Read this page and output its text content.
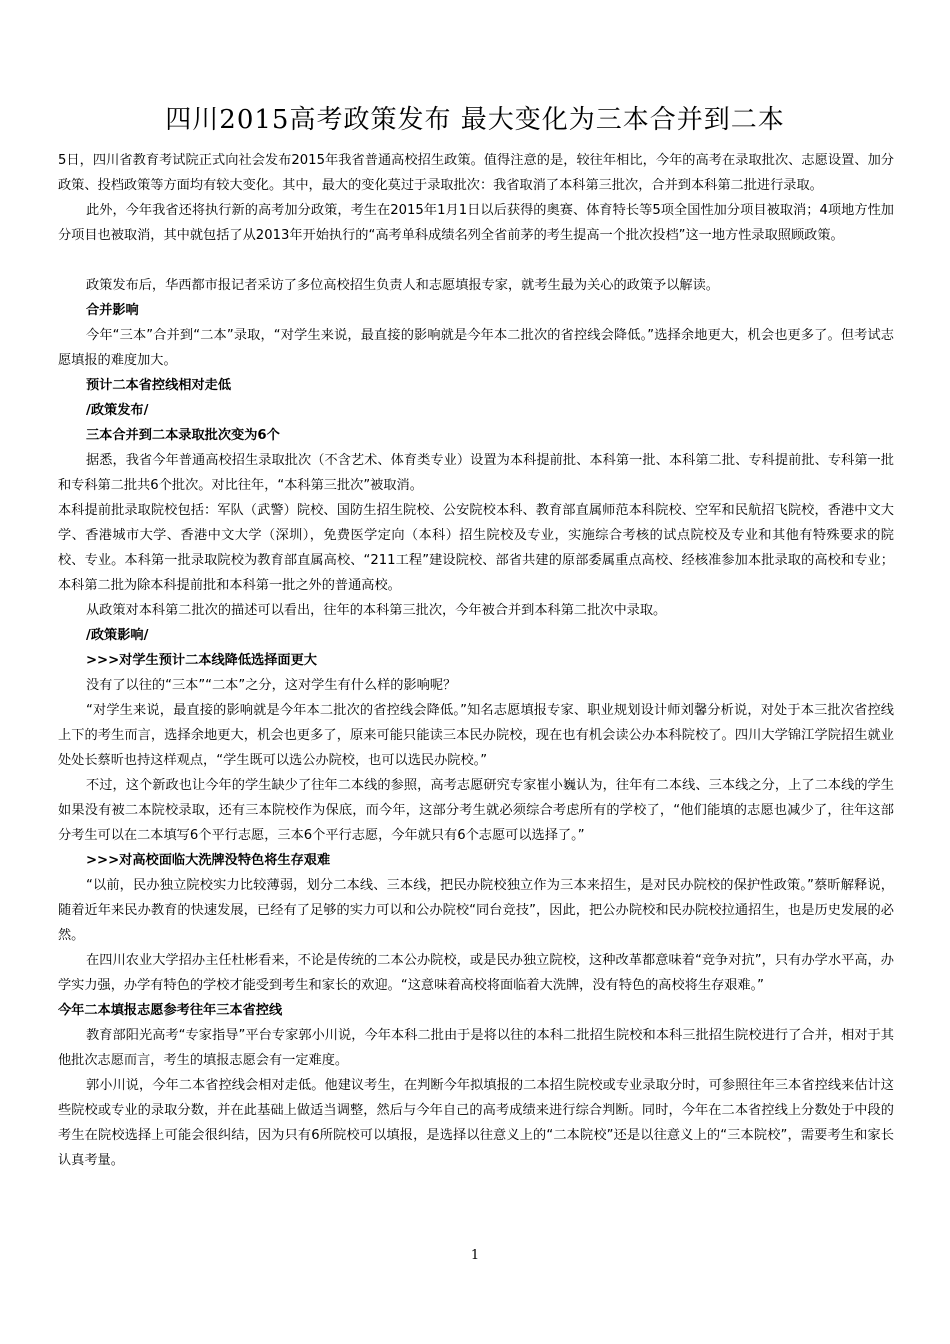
四川2015高考政策发布 最大变化为三本合并到二本

5日，四川省教育考试院正式向社会发布2015年我省普通高校招生政策。值得注意的是，较往年相比，今年的高考在录取批次、志愿设置、加分政策、投档政策等方面均有较大变化。其中，最大的变化莫过于录取批次：我省取消了本科第三批次，合并到本科第二批进行录取。

此外，今年我省还将执行新的高考加分政策，考生在2015年1月1日以后获得的奥赛、体育特长等5项全国性加分项目被取消；4项地方性加分项目也被取消，其中就包括了从2013年开始执行的“高考单科成绩名列全省前茅的考生提高一个批次投档”这一地方性录取照顾政策。

政策发布后，华西都市报记者采访了多位高校招生负责人和志愿填报专家，就考生最为关心的政策予以解读。

合并影响

今年“三本”合并到“二本”录取，“对学生来说，最直接的影响就是今年本二批次的省控线会降低。”选择余地更大，机会也更多了。但考试志愿填报的难度加大。

预计二本省控线相对走低

/政策发布/

三本合并到二本录取批次变为6个

据悉，我省今年普通高校招生录取批次（不含艺术、体育类专业）设置为本科提前批、本科第一批、本科第二批、专科提前批、专科第一批和专科第二批共6个批次。对比往年，“本科第三批次”被取消。

本科提前批录取院校包括：军队（武警）院校、国防生招生院校、公安院校本科、教育部直属师范本科院校、空军和民航招飞院校，香港中文大学、香港城市大学、香港中文大学（深圳），免费医学定向（本科）招生院校及专业，实施综合考核的试点院校及专业和其他有特殊要求的院校、专业。本科第一批录取院校为教育部直属高校、“211工程”建设院校、部省共建的原部委属重点高校、经核准参加本批录取的高校和专业；本科第二批为除本科提前批和本科第一批之外的普通高校。

从政策对本科第二批次的描述可以看出，往年的本科第三批次，今年被合并到本科第二批次中录取。

/政策影响/

>>>对学生预计二本线降低选择面更大

没有了以往的“三本”“二本”之分，这对学生有什么样的影响呢？

“对学生来说，最直接的影响就是今年本二批次的省控线会降低。”知名志愿填报专家、职业规划设计师刘馨分析说，对处于本三批次省控线上下的考生而言，选择余地更大，机会也更多了，原来可能只能读三本民办院校，现在也有机会读公办本科院校了。四川大学锦江学院招生就业处处长蔡昕也持这样观点，“学生既可以选公办院校，也可以选民办院校。”

不过，这个新政也让今年的学生缺少了往年二本线的参照，高考志愿研究专家崔小巍认为，往年有二本线、三本线之分，上了二本线的学生如果没有被二本院校录取，还有三本院校作为保底，而今年，这部分考生就必须综合考虑所有的学校了，“他们能填的志愿也减少了，往年这部分考生可以在二本填写6个平行志愿，三本6个平行志愿，今年就只有6个志愿可以选择了。”

>>>对高校面临大洗牌没特色将生存艰难

“以前，民办独立院校实力比较薄弱，划分二本线、三本线，把民办院校独立作为三本来招生，是对民办院校的保护性政策。”蔡昕解释说，随着近年来民办教育的快速发展，已经有了足够的实力可以和公办院校“同台竞技”，因此，把公办院校和民办院校拉通招生，也是历史发展的必然。

在四川农业大学招办主任杜彬看来，不论是传统的二本公办院校，或是民办独立院校，这种改革都意味着“竞争对抗”，只有办学水平高，办学实力强，办学有特色的学校才能受到考生和家长的欢迎。“这意味着高校将面临着大洗牌，没有特色的高校将生存艰难。”

今年二本填报志愿参考往年三本省控线

教育部阳光高考“专家指导”平台专家郭小川说，今年本科二批由于是将以往的本科二批招生院校和本科三批招生院校进行了合并，相对于其他批次志愿而言，考生的填报志愿会有一定难度。

郭小川说，今年二本省控线会相对走低。他建议考生，在判断今年拟填报的二本招生院校或专业录取分时，可参照往年三本省控线来估计这些院校或专业的录取分数，并在此基础上做适当调整，然后与今年自己的高考成绩来进行综合判断。同时，今年在二本省控线上分数处于中段的考生在院校选择上可能会很纠结，因为只有6所院校可以填报，是选择以往意义上的“二本院校”还是以往意义上的“三本院校”，需要考生和家长认真考量。

1
